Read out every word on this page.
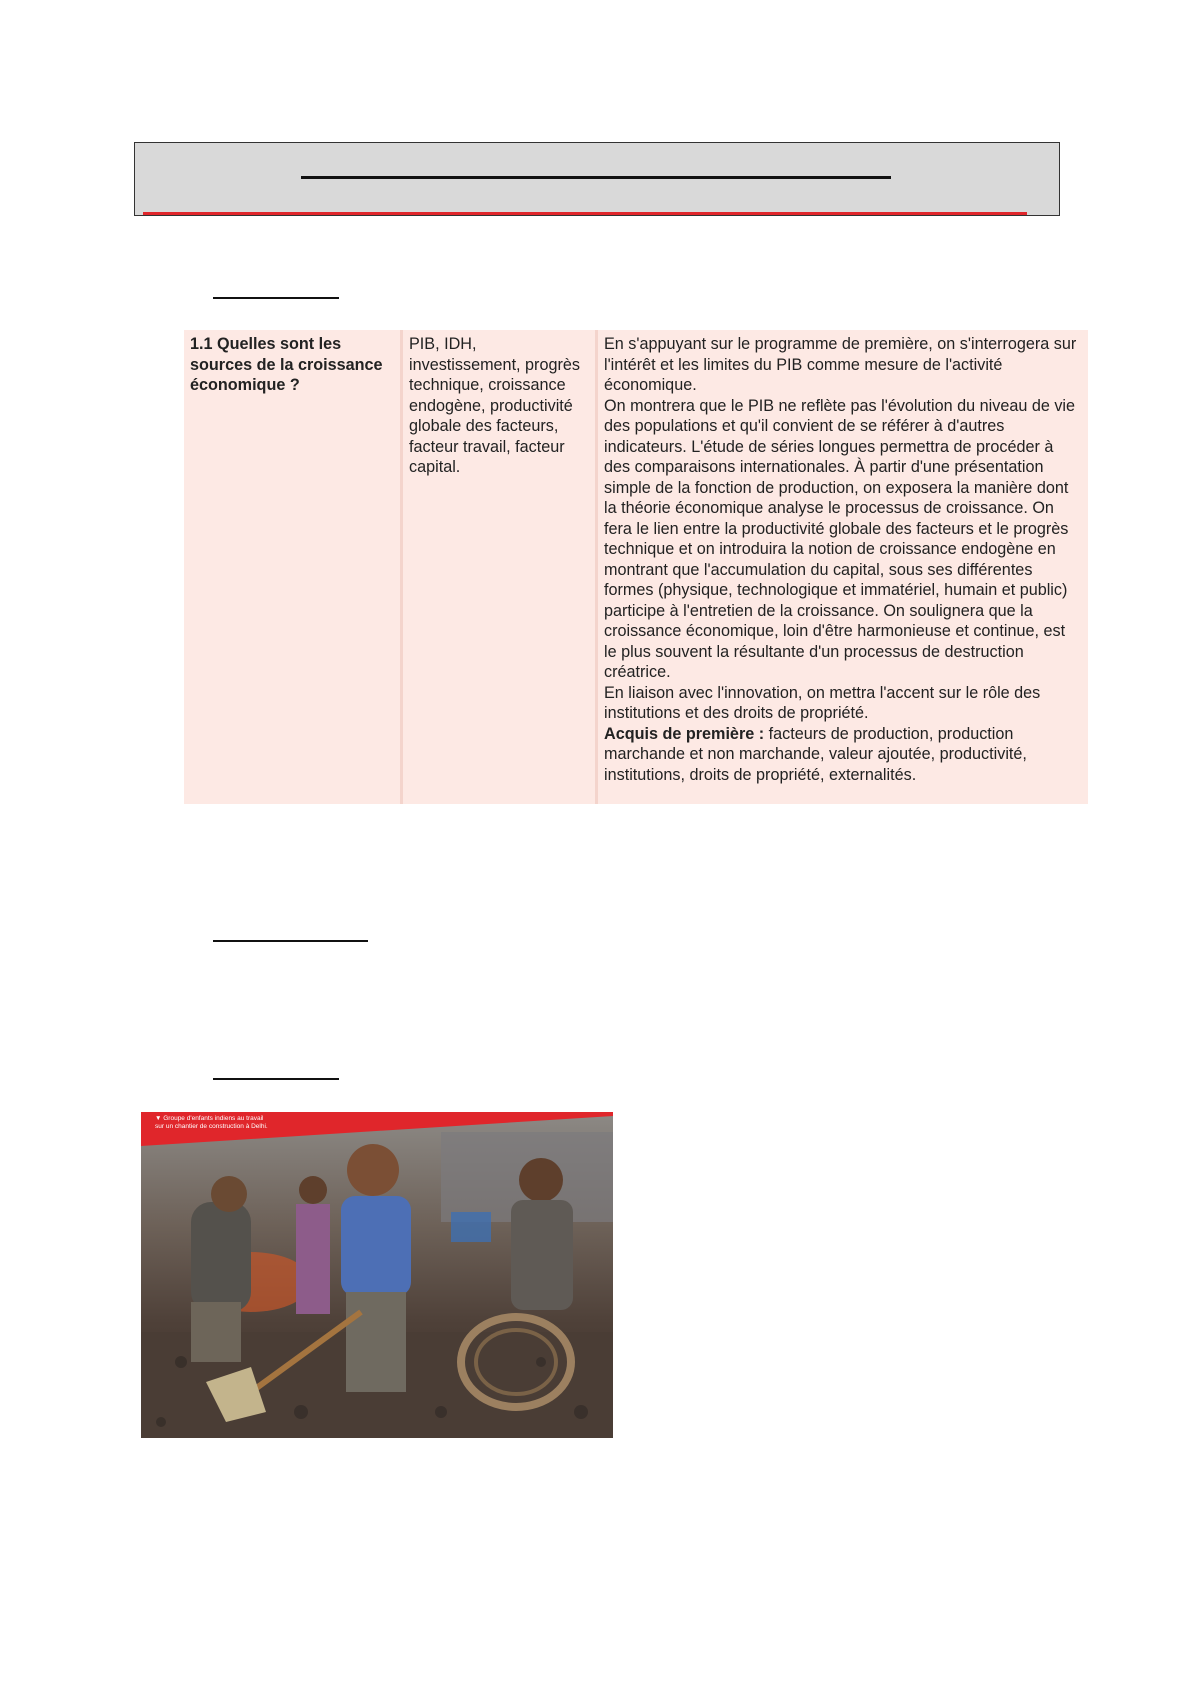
1.1 Quelles sont les sources de la croissance économique ?
PIB, IDH, investissement, progrès technique, croissance endogène, productivité globale des facteurs, facteur travail, facteur capital.

En s'appuyant sur le programme de première, on s'interrogera sur l'intérêt et les limites du PIB comme mesure de l'activité économique.

On montrera que le PIB ne reflète pas l'évolution du niveau de vie des populations et qu'il convient de se référer à d'autres indicateurs. L'étude de séries longues permettra de procéder à des comparaisons internationales. À partir d'une présentation simple de la fonction de production, on exposera la manière dont la théorie économique analyse le processus de croissance. On fera le lien entre la productivité globale des facteurs et le progrès technique et on introduira la notion de croissance endogène en montrant que l'accumulation du capital, sous ses différentes formes (physique, technologique et immatériel, humain et public) participe à l'entretien de la croissance. On soulignera que la croissance économique, loin d'être harmonieuse et continue, est le plus souvent la résultante d'un processus de destruction créatrice.

En liaison avec l'innovation, on mettra l'accent sur le rôle des institutions et des droits de propriété.

Acquis de première : facteurs de production, production marchande et non marchande, valeur ajoutée, productivité, institutions, droits de propriété, externalités.

▼ Groupe d'enfants indiens au travail
sur un chantier de construction à Delhi.
